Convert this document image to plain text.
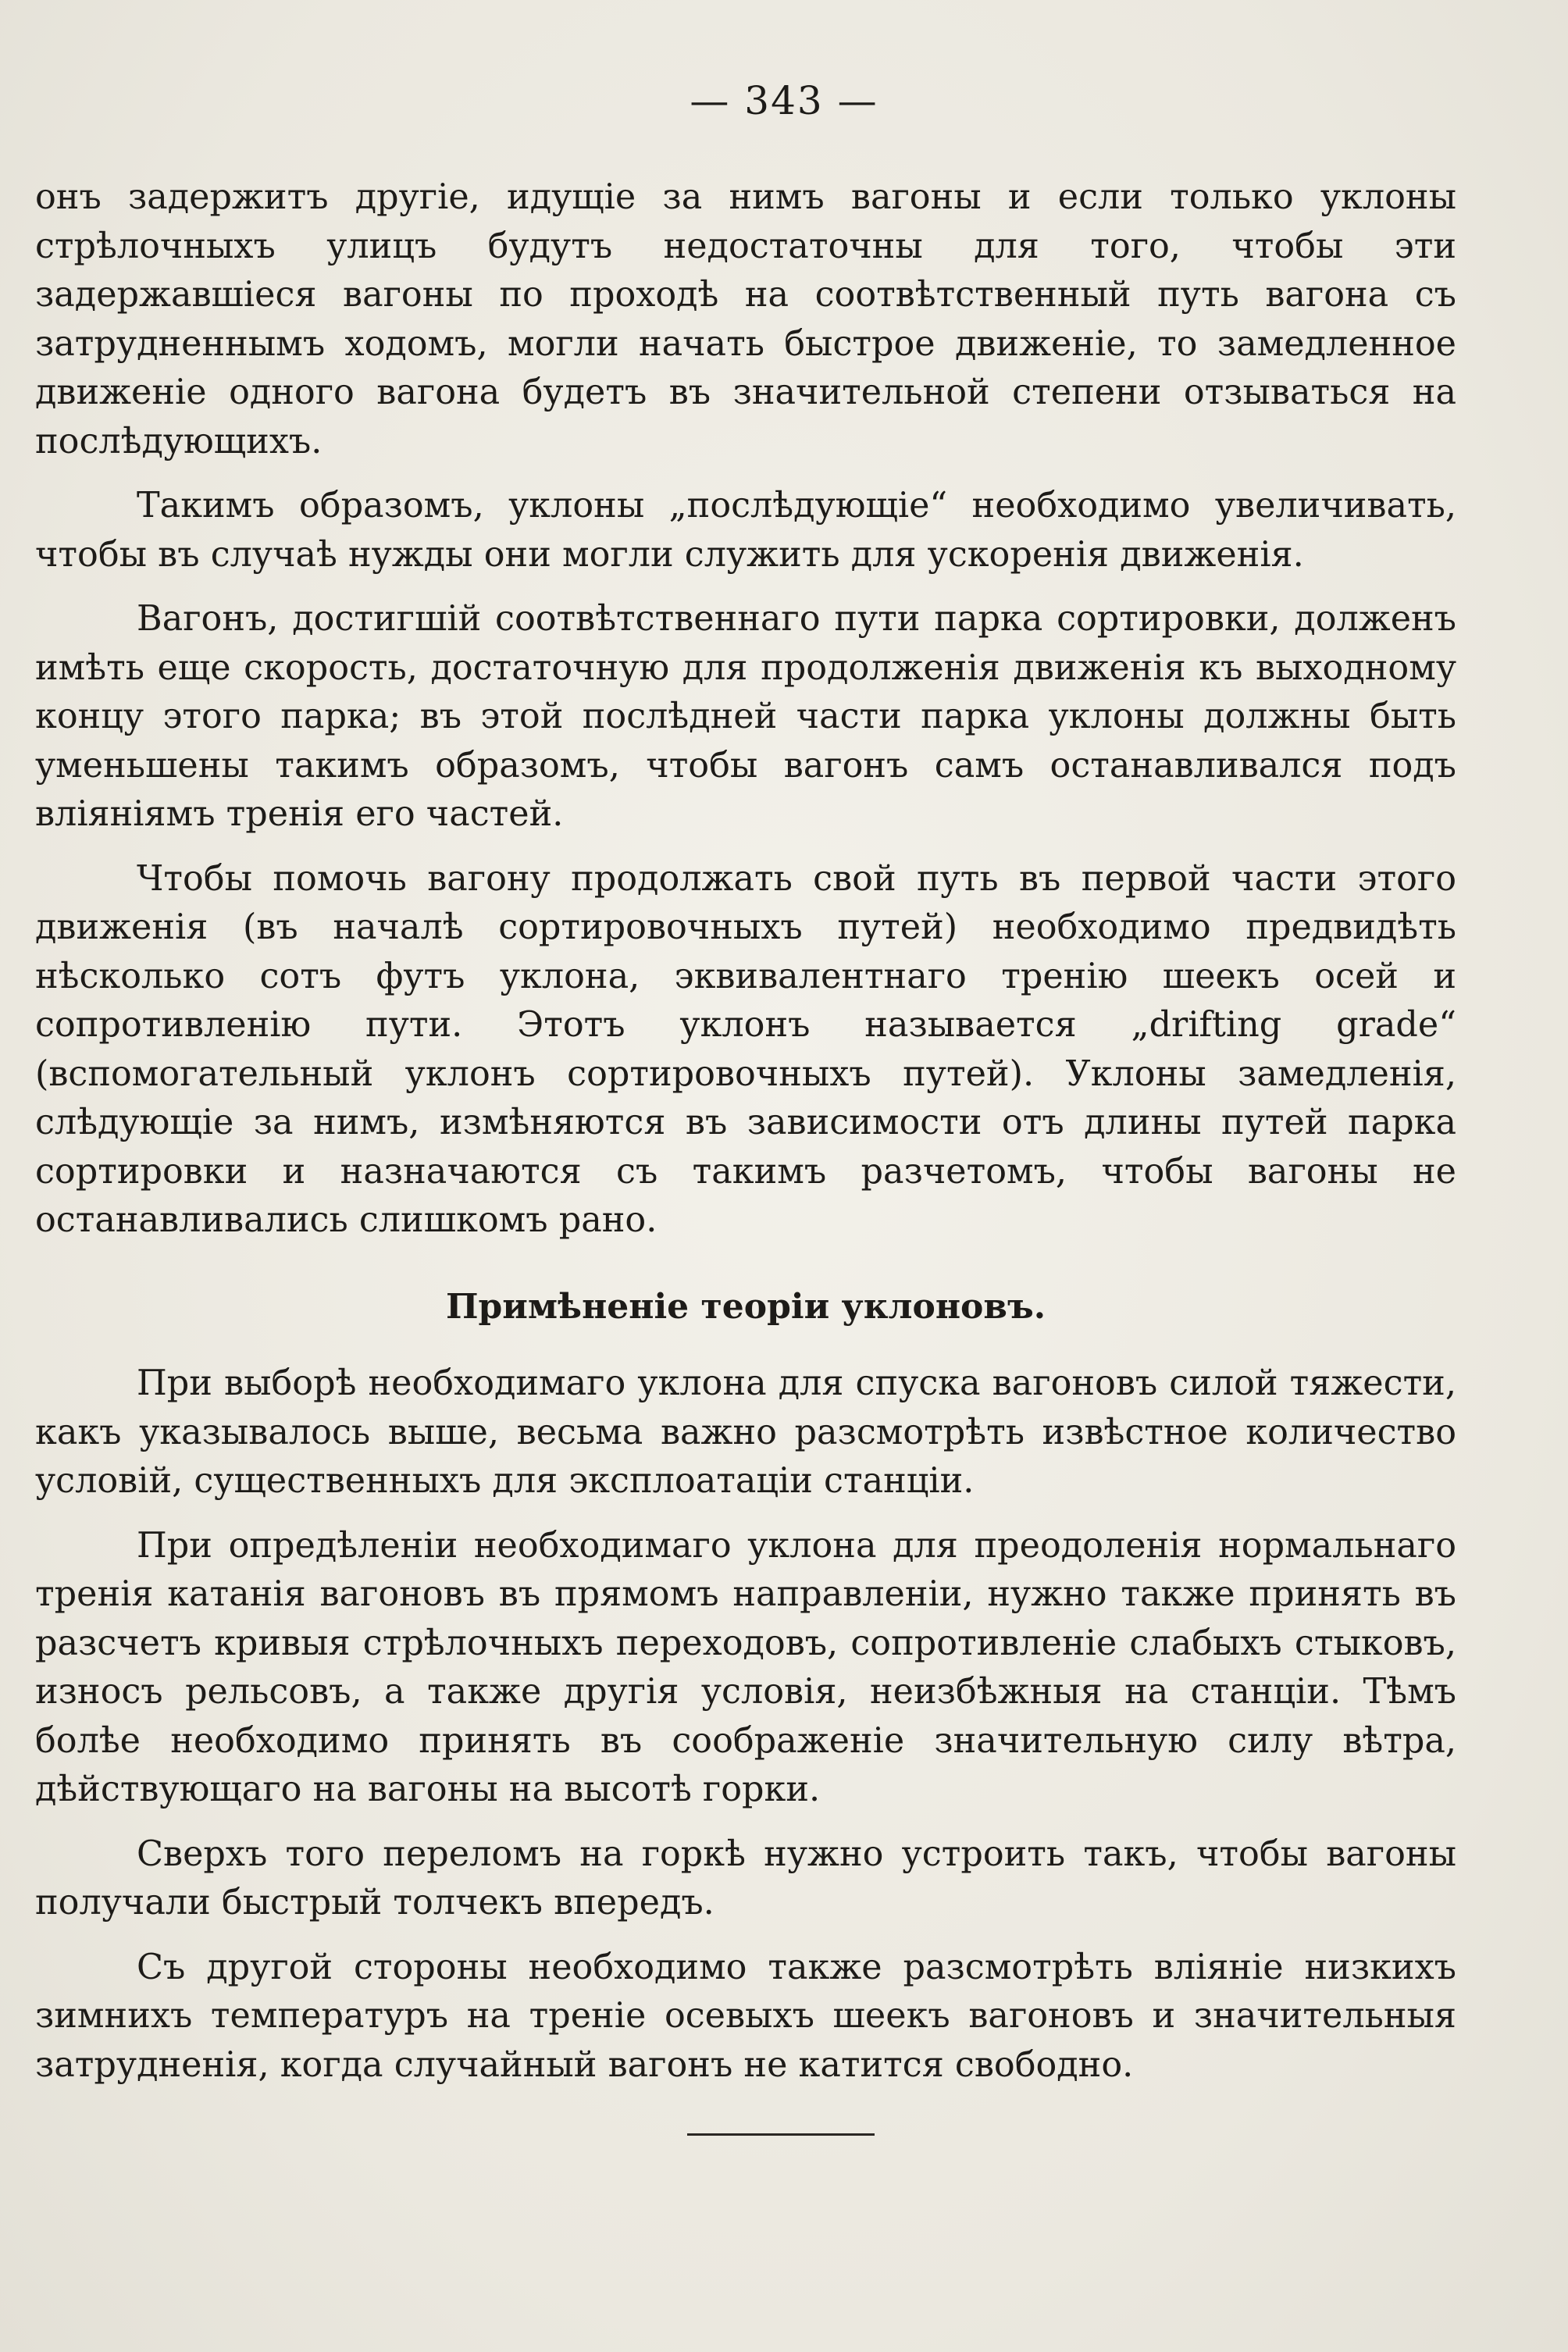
— 343 —

онъ задержитъ другіе, идущіе за нимъ вагоны и если только уклоны стрѣлочныхъ улицъ будутъ недостаточны для того, чтобы эти задержавшіеся вагоны по проходѣ на соотвѣтственный путь вагона съ затрудненнымъ ходомъ, могли начать быстрое движеніе, то замедленное движеніе одного вагона будетъ въ значительной степени отзываться на послѣдующихъ.

Такимъ образомъ, уклоны „послѣдующіе“ необходимо увеличивать, чтобы въ случаѣ нужды они могли служить для ускоренія движенія.

Вагонъ, достигшій соотвѣтственнаго пути парка сортировки, долженъ имѣть еще скорость, достаточную для продолженія движенія къ выходному концу этого парка; въ этой послѣдней части парка уклоны должны быть уменьшены такимъ образомъ, чтобы вагонъ самъ останавливался подъ вліяніямъ тренія его частей.

Чтобы помочь вагону продолжать свой путь въ первой части этого движенія (въ началѣ сортировочныхъ путей) необходимо предвидѣть нѣсколько сотъ футъ уклона, эквивалентнаго тренію шеекъ осей и сопротивленію пути. Этотъ уклонъ называется „drifting grade“ (вспомогательный уклонъ сортировочныхъ путей). Уклоны замедленія, слѣдующіе за нимъ, измѣняются въ зависимости отъ длины путей парка сортировки и назначаются съ такимъ разчетомъ, чтобы вагоны не останавливались слишкомъ рано.

Примѣненіе теоріи уклоновъ.

При выборѣ необходимаго уклона для спуска вагоновъ силой тяжести, какъ указывалось выше, весьма важно разсмотрѣть извѣстное количество условій, существенныхъ для эксплоатаціи станціи.

При опредѣленіи необходимаго уклона для преодоленія нормальнаго тренія катанія вагоновъ въ прямомъ направленіи, нужно также принять въ разсчетъ кривыя стрѣлочныхъ переходовъ, сопротивленіе слабыхъ стыковъ, износъ рельсовъ, а также другія условія, неизбѣжныя на станціи. Тѣмъ болѣе необходимо принять въ соображеніе значительную силу вѣтра, дѣйствующаго на вагоны на высотѣ горки.

Сверхъ того переломъ на горкѣ нужно устроить такъ, чтобы вагоны получали быстрый толчекъ впередъ.

Съ другой стороны необходимо также разсмотрѣть вліяніе низкихъ зимнихъ температуръ на треніе осевыхъ шеекъ вагоновъ и значительныя затрудненія, когда случайный вагонъ не катится свободно.
